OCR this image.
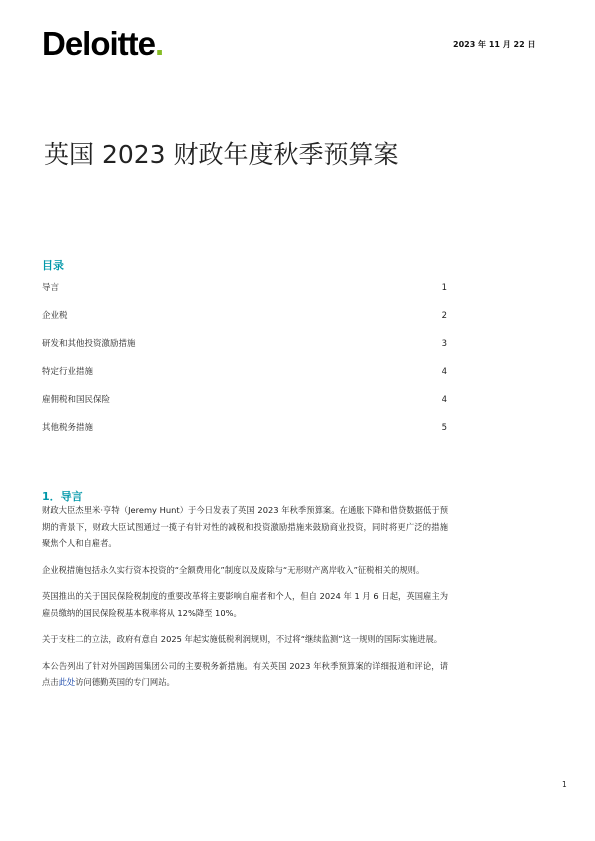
Deloitte.	2023 年 11 月 22 日
英国 2023 财政年度秋季预算案
目录
导言	1
企业税	2
研发和其他投资激励措施	3
特定行业措施	4
雇佣税和国民保险	4
其他税务措施	5
1．导言

财政大臣杰里米·亨特（Jeremy Hunt）于今日发表了英国 2023 年秋季预算案。在通胀下降和借贷数据低于预期的背景下，财政大臣试图通过一揽子有针对性的减税和投资激励措施来鼓励商业投资，同时将更广泛的措施聚焦个人和自雇者。

企业税措施包括永久实行资本投资的“全额费用化”制度以及废除与“无形财产离岸收入”征税相关的规则。

英国推出的关于国民保险税制度的重要改革将主要影响自雇者和个人，但自 2024 年 1 月 6 日起，英国雇主为雇员缴纳的国民保险税基本税率将从 12%降至 10%。

关于支柱二的立法，政府有意自 2025 年起实施低税利润规则，不过将“继续监测”这一规则的国际实施进展。

本公告列出了针对外国跨国集团公司的主要税务新措施。有关英国 2023 年秋季预算案的详细报道和评论，请点击此处访问德勤英国的专门网站。

1
